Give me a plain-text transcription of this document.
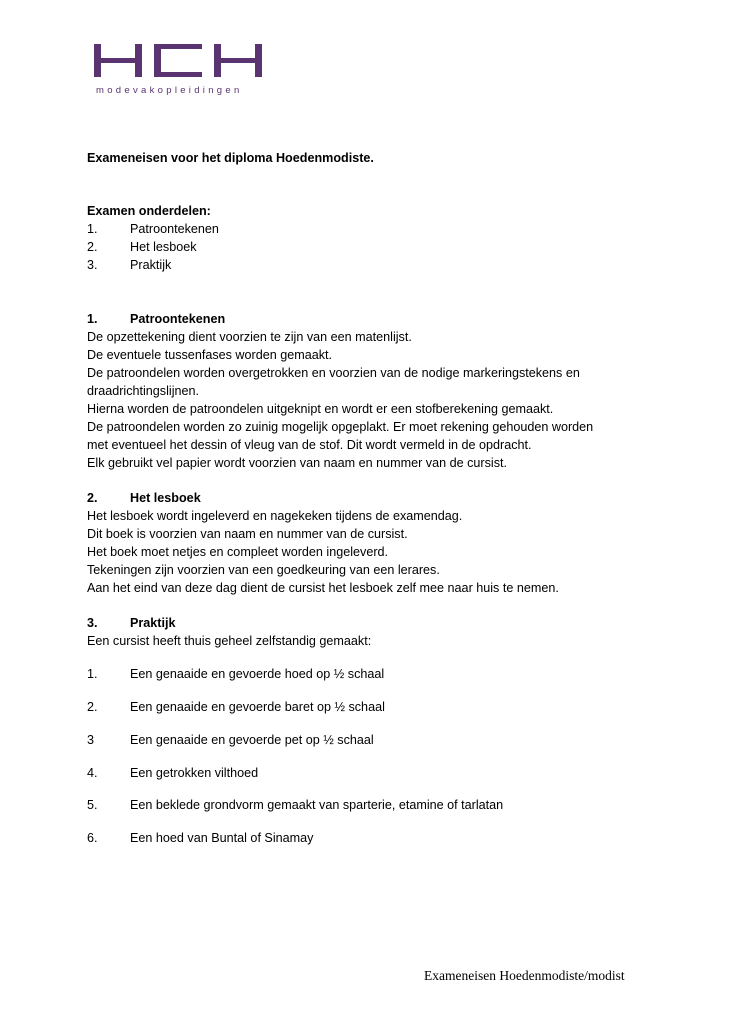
modevakopleidingen
Exameneisen voor het diploma Hoedenmodiste.
Examen onderdelen:
1.	Patroontekenen
2.	Het lesboek
3.	Praktijk
1.	Patroontekenen
De opzettekening dient voorzien te zijn van een matenlijst.
De eventuele tussenfases worden gemaakt.
De patroondelen worden overgetrokken en voorzien van de nodige markeringstekens en
draadrichtingslijnen.
Hierna worden de patroondelen uitgeknipt en wordt er een stofberekening gemaakt.
De patroondelen worden zo zuinig mogelijk opgeplakt. Er moet rekening gehouden worden
met eventueel het dessin of vleug van de stof. Dit wordt vermeld in de opdracht.
Elk gebruikt vel papier wordt voorzien van naam en nummer van de cursist.
2.	Het lesboek
Het lesboek wordt ingeleverd en nagekeken tijdens de examendag.
Dit boek is voorzien van naam en nummer van de cursist.
Het boek moet netjes en compleet worden ingeleverd.
Tekeningen zijn voorzien van een goedkeuring van een lerares.
Aan het eind van deze dag dient de cursist het lesboek zelf mee naar huis te nemen.
3.	Praktijk
Een cursist heeft thuis geheel zelfstandig gemaakt:
1.	Een genaaide en gevoerde hoed op ½ schaal
2.	Een genaaide en gevoerde baret op ½ schaal
3	Een genaaide en gevoerde pet op ½ schaal
4.	Een getrokken vilthoed
5.	Een beklede grondvorm gemaakt van sparterie, etamine of tarlatan
6.	Een hoed van Buntal of Sinamay
Exameneisen Hoedenmodiste/modist
